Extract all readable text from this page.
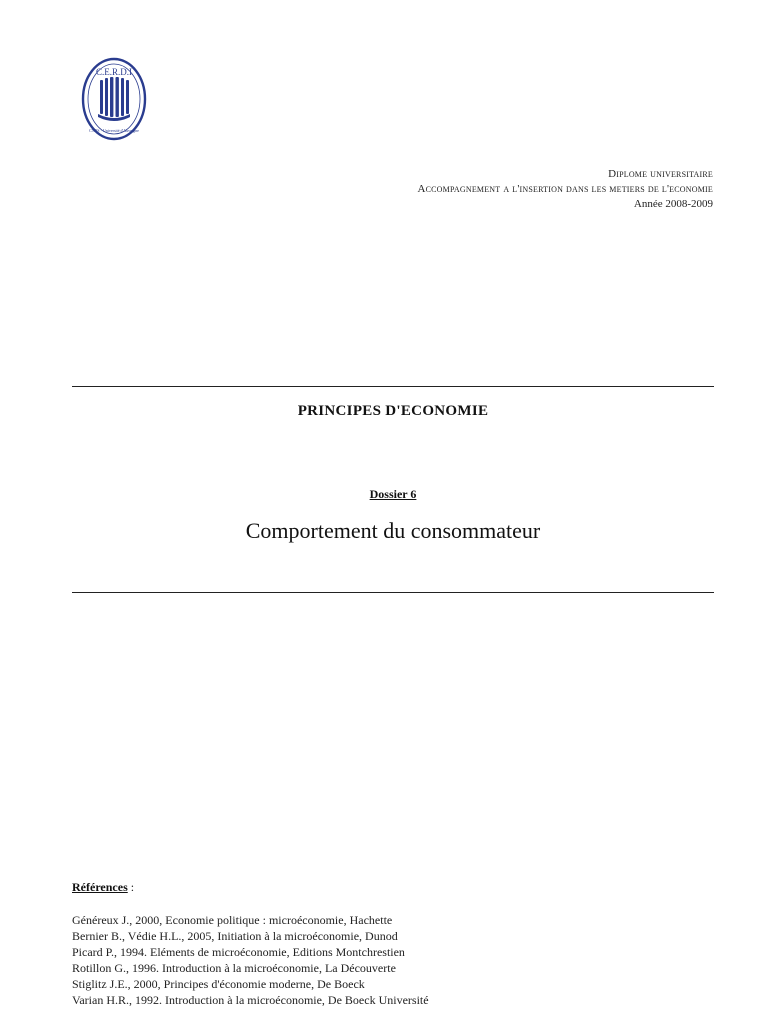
C.E.R.D.I
CNRS · Université d'Auvergne
Diplome universitaire
Accompagnement a l'insertion dans les metiers de l'economie
Année 2008-2009
PRINCIPES D'ECONOMIE
Dossier 6
Comportement du consommateur
Références :
Généreux J., 2000, Economie politique : microéconomie, Hachette
Bernier B., Védie H.L., 2005, Initiation à la microéconomie, Dunod
Picard P., 1994. Eléments de microéconomie, Editions Montchrestien
Rotillon G., 1996. Introduction à la microéconomie, La Découverte
Stiglitz J.E., 2000, Principes d'économie moderne, De Boeck
Varian H.R., 1992. Introduction à la microéconomie, De Boeck Université
